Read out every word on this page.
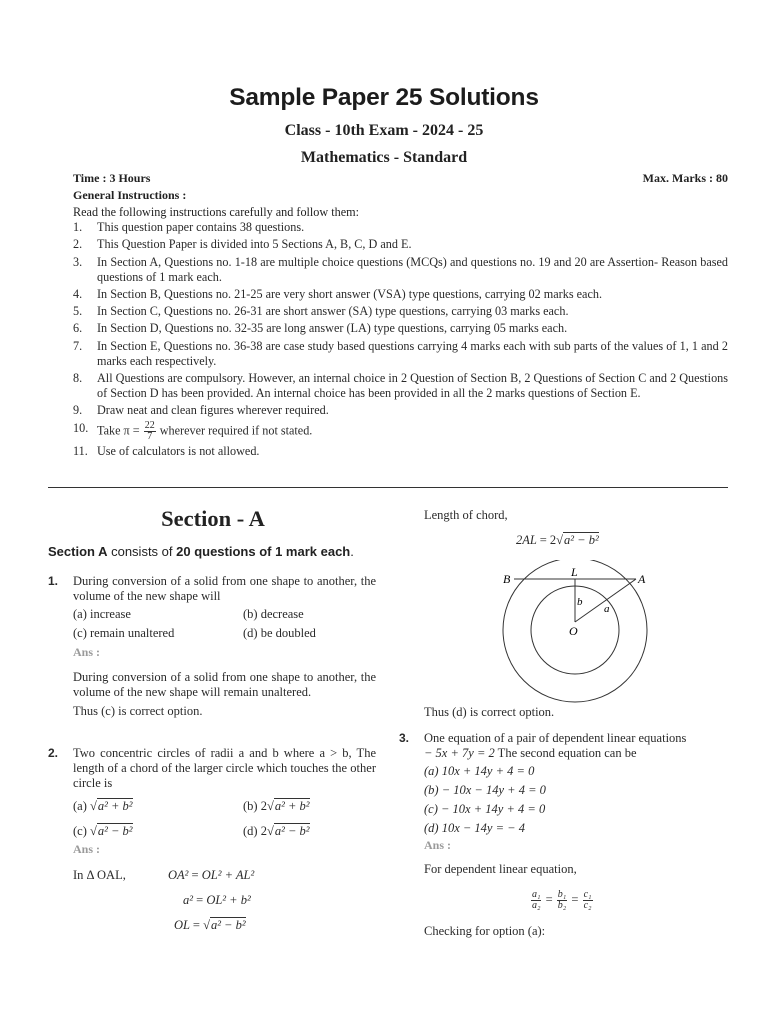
Sample Paper 25 Solutions
Class - 10th Exam - 2024 - 25
Mathematics - Standard
Time : 3 Hours	Max. Marks : 80
General Instructions :
Read the following instructions carefully and follow them:
1.	This question paper contains 38 questions.
2.	This Question Paper is divided into 5 Sections A, B, C, D and E.
3.	In Section A, Questions no. 1-18 are multiple choice questions (MCQs) and questions no. 19 and 20 are Assertion- Reason based questions of 1 mark each.
4.	In Section B, Questions no. 21-25 are very short answer (VSA) type questions, carrying 02 marks each.
5.	In Section C, Questions no. 26-31 are short answer (SA) type questions, carrying 03 marks each.
6.	In Section D, Questions no. 32-35 are long answer (LA) type questions, carrying 05 marks each.
7.	In Section E, Questions no. 36-38 are case study based questions carrying 4 marks each with sub parts of the values of 1, 1 and 2 marks each respectively.
8.	All Questions are compulsory. However, an internal choice in 2 Question of Section B, 2 Questions of Section C and 2 Questions of Section D has been provided. An internal choice has been provided in all the 2 marks questions of Section E.
9.	Draw neat and clean figures wherever required.
10. Take $\pi = \frac{22}{7}$ wherever required if not stated.
11. Use of calculators is not allowed.
Section - A
Section A consists of 20 questions of 1 mark each.
1.	During conversion of a solid from one shape to another, the volume of the new shape will
(a) increase	(b) decrease
(c) remain unaltered	(d) be doubled
Ans :
During conversion of a solid from one shape to another, the volume of the new shape will remain unaltered.
Thus (c) is correct option.
2.	Two concentric circles of radii a and b where a > b, The length of a chord of the larger circle which touches the other circle is
(a) √a² + b²	(b) 2√a² + b²
(c) √a² − b²	(d) 2√a² − b²
Ans :
In Δ OAL,	OA² = OL² + AL²
a² = OL² + b²
OL = √a² − b²
Length of chord,
2AL = 2√a² − b²
B	L	A
O
b
a
Thus (d) is correct option.
3.	One equation of a pair of dependent linear equations
− 5x + 7y = 2 The second equation can be
(a) 10x + 14y + 4 = 0
(b) − 10x − 14y + 4 = 0
(c) − 10x + 14y + 4 = 0
(d) 10x − 14y = − 4
Ans :
For dependent linear equation,
$\frac{\text{a₁}}{\text{a₂}} = \frac{\text{b₁}}{\text{b₂}} = \frac{\text{c₁}}{\text{c₂}}$
Checking for option (a):
